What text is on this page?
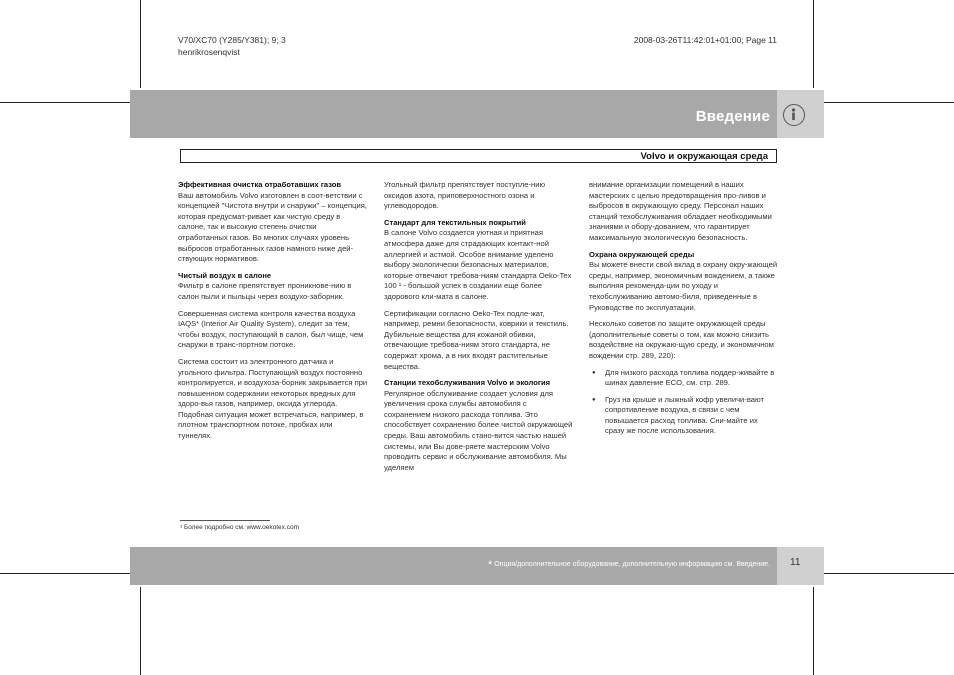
V70/XC70 (Y285/Y381); 9; 3
henrikrosenqvist
2008-03-26T11:42:01+01:00; Page 11
Введение
Volvo и окружающая среда
Эффективная очистка отработавших газов

Ваш автомобиль Volvo изготовлен в соот-ветствии с концепцией "Чистота внутри и снаружи" – концепция, которая предусмат-ривает как чистую среду в салоне, так и высокую степень очистки отработанных газов. Во многих случаях уровень выбросов отработанных газов намного ниже дей-ствующих нормативов.

Чистый воздух в салоне

Фильтр в салоне препятствует проникнове-нию в салон пыли и пыльцы через воздухо-заборник.

Совершенная система контроля качества воздуха IAQS* (Interior Air Quality System), следит за тем, чтобы воздух, поступающий в салон, был чище, чем снаружи в транс-портном потоке.

Система состоит из электронного датчика и угольного фильтра. Поступающий воздух постоянно контролируется, и воздухоза-борник закрывается при повышенном содержании некоторых вредных для здоро-вья газов, например, оксида углерода. Подобная ситуация может встречаться, например, в плотном транспортном потоке, пробках или туннелях.

Угольный фильтр препятствует поступле-нию оксидов азота, приповерхностного озона и углеводородов.

Стандарт для текстильных покрытий

В салоне Volvo создается уютная и приятная атмосфера даже для страдающих контакт-ной аллергией и астмой. Особое внимание уделено выбору экологически безопасных материалов, которые отвечают требова-ниям стандарта Oeko-Tex 100 ¹ - большой успех в создании еще более здорового кли-мата в салоне.

Сертификации согласно Oeko-Tex подле-жат, например, ремни безопасности, коврики и текстиль. Дубильные вещества для кожаной обивки, отвечающие требова-ниям этого стандарта, не содержат хрома, а в них входят растительные вещества.

Станции техобслуживания Volvo и экология

Регулярное обслуживание создает условия для увеличения срока службы автомобиля с сохранением низкого расхода топлива. Это способствует сохранению более чистой окружающей среды. Ваш автомобиль стано-вится частью нашей системы, или Вы дове-ряете мастерским Volvo проводить сервис и обслуживание автомобиля. Мы уделяем

внимание организации помещений в наших мастерских с целью предотвращения про-ливов и выбросов в окружающую среду. Персонал наших станций техобслуживания обладает необходимыми знаниями и обору-дованием, что гарантирует максимальную экологическую безопасность.

Охрана окружающей среды

Вы можете внести свой вклад в охрану окру-жающей среды, например, экономичным вождением, а также выполняя рекоменда-ции по уходу и техобслуживанию автомо-биля, приведенные в Руководстве по эксплуатации.

Несколько советов по защите окружающей среды (дополнительные советы о том, как можно снизить воздействие на окружаю-щую среду, и экономичном вождении стр. 289, 220):

● Для низкого расхода топлива поддер-живайте в шинах давление ECO, см. стр. 289.
● Груз на крыше и лыжный кофр увеличи-вают сопротивление воздуха, в связи с чем повышается расход топлива. Сни-майте их сразу же после использования.
¹ Более подробно см. www.oekotex.com
* Опция/дополнительное оборудование, дополнительную информацию см. Введение. 11
